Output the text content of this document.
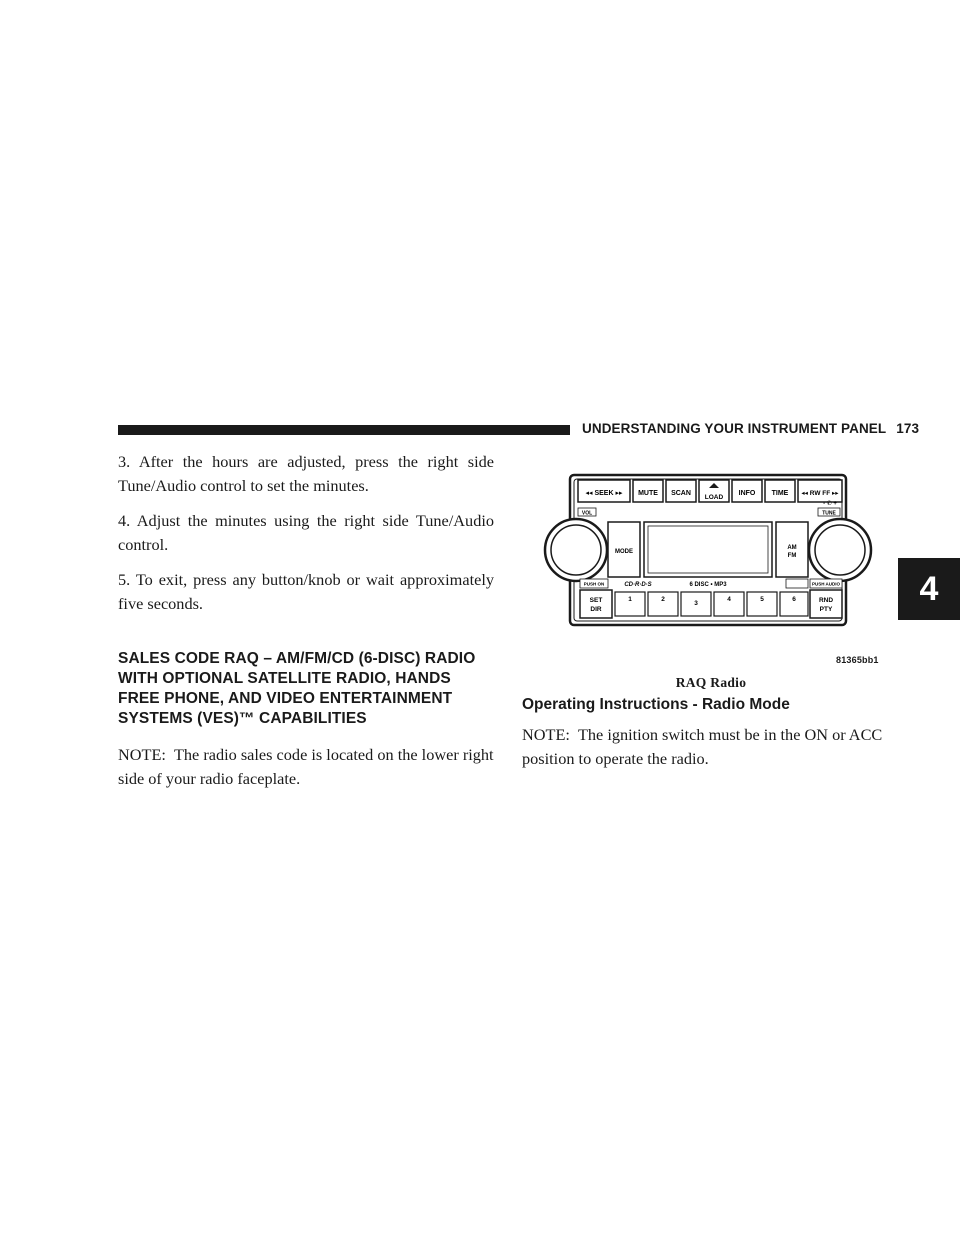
UNDERSTANDING YOUR INSTRUMENT PANEL 173
4

3. After the hours are adjusted, press the right side Tune/Audio control to set the minutes.

4. Adjust the minutes using the right side Tune/Audio control.

5. To exit, press any button/knob or wait approximately five seconds.

SALES CODE RAQ – AM/FM/CD (6-DISC) RADIO WITH OPTIONAL SATELLITE RADIO, HANDS FREE PHONE, AND VIDEO ENTERTAINMENT SYSTEMS (VES)™ CAPABILITIES

NOTE: The radio sales code is located on the lower right side of your radio faceplate.

◂◂ SEEK ▸▸ MUTE SCAN
LOAD
INFO TIME ◂◂ RW FF ▸▸
VOL	TUNE
- ✆ +
MODE
AM
FM
PUSH ON	CD·R·D·S	6 DISC • MP3	PUSH AUDIO
SET
DIR
1	2
3
4	5	6	RND
PTY
81365bb1
RAQ Radio
Operating Instructions - Radio Mode

NOTE: The ignition switch must be in the ON or ACC position to operate the radio.
